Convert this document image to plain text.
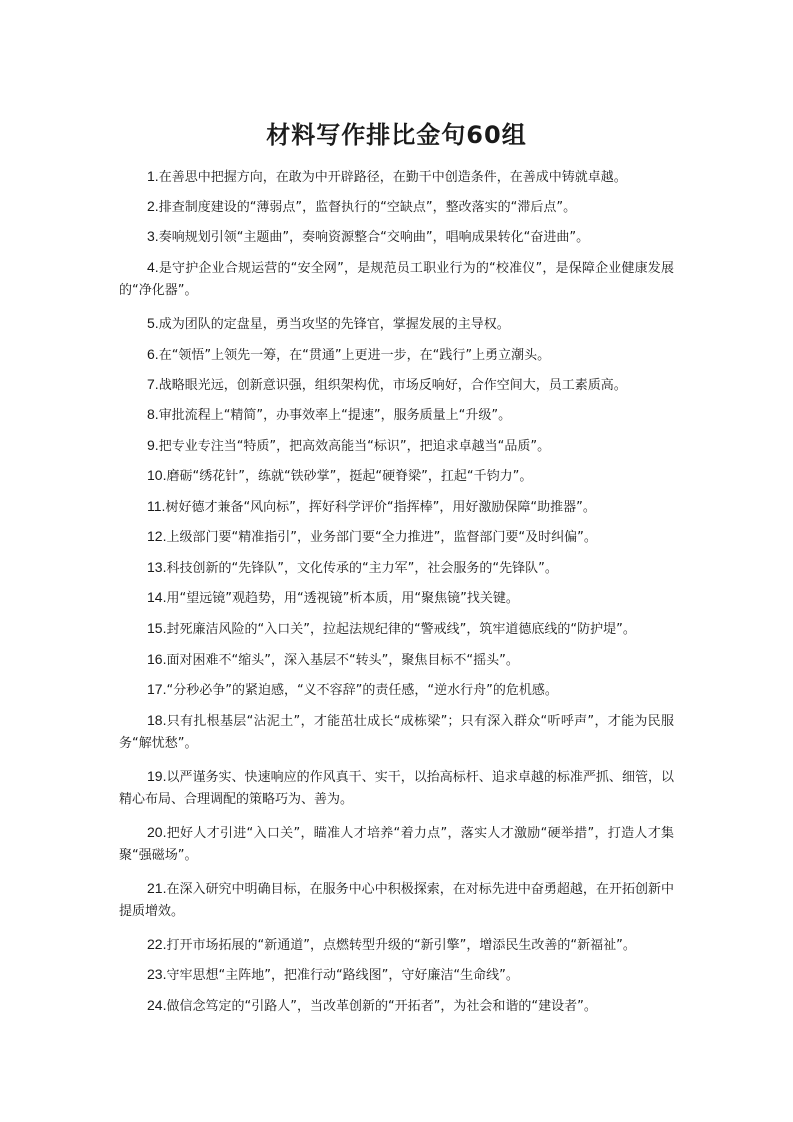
材料写作排比金句60组

1.在善思中把握方向，在敢为中开辟路径，在勤干中创造条件，在善成中铸就卓越。

2.排查制度建设的“薄弱点”，监督执行的“空缺点”，整改落实的“滞后点”。

3.奏响规划引领“主题曲”，奏响资源整合“交响曲”，唱响成果转化“奋进曲”。

4.是守护企业合规运营的“安全网”，是规范员工职业行为的“校准仪”，是保障企业健康发展的“净化器”。

5.成为团队的定盘星，勇当攻坚的先锋官，掌握发展的主导权。

6.在“领悟”上领先一筹，在“贯通”上更进一步，在“践行”上勇立潮头。

7.战略眼光远，创新意识强，组织架构优，市场反响好，合作空间大，员工素质高。

8.审批流程上“精简”，办事效率上“提速”，服务质量上“升级”。

9.把专业专注当“特质”，把高效高能当“标识”，把追求卓越当“品质”。

10.磨砺“绣花针”，练就“铁砂掌”，挺起“硬脊梁”，扛起“千钧力”。

11.树好德才兼备“风向标”，挥好科学评价“指挥棒”，用好激励保障“助推器”。

12.上级部门要“精准指引”，业务部门要“全力推进”，监督部门要“及时纠偏”。

13.科技创新的“先锋队”，文化传承的“主力军”，社会服务的“先锋队”。

14.用“望远镜”观趋势，用“透视镜”析本质，用“聚焦镜”找关键。

15.封死廉洁风险的“入口关”，拉起法规纪律的“警戒线”，筑牢道德底线的“防护堤”。

16.面对困难不“缩头”，深入基层不“转头”，聚焦目标不“摇头”。

17.“分秒必争”的紧迫感，“义不容辞”的责任感，“逆水行舟”的危机感。

18.只有扎根基层“沾泥土”，才能茁壮成长“成栋梁”；只有深入群众“听呼声”，才能为民服务“解忧愁”。

19.以严谨务实、快速响应的作风真干、实干，以抬高标杆、追求卓越的标准严抓、细管，以精心布局、合理调配的策略巧为、善为。

20.把好人才引进“入口关”，瞄准人才培养“着力点”，落实人才激励“硬举措”，打造人才集聚“强磁场”。

21.在深入研究中明确目标，在服务中心中积极探索，在对标先进中奋勇超越，在开拓创新中提质增效。

22.打开市场拓展的“新通道”，点燃转型升级的“新引擎”，增添民生改善的“新福祉”。

23.守牢思想“主阵地”，把准行动“路线图”，守好廉洁“生命线”。

24.做信念笃定的“引路人”，当改革创新的“开拓者”，为社会和谐的“建设者”。
